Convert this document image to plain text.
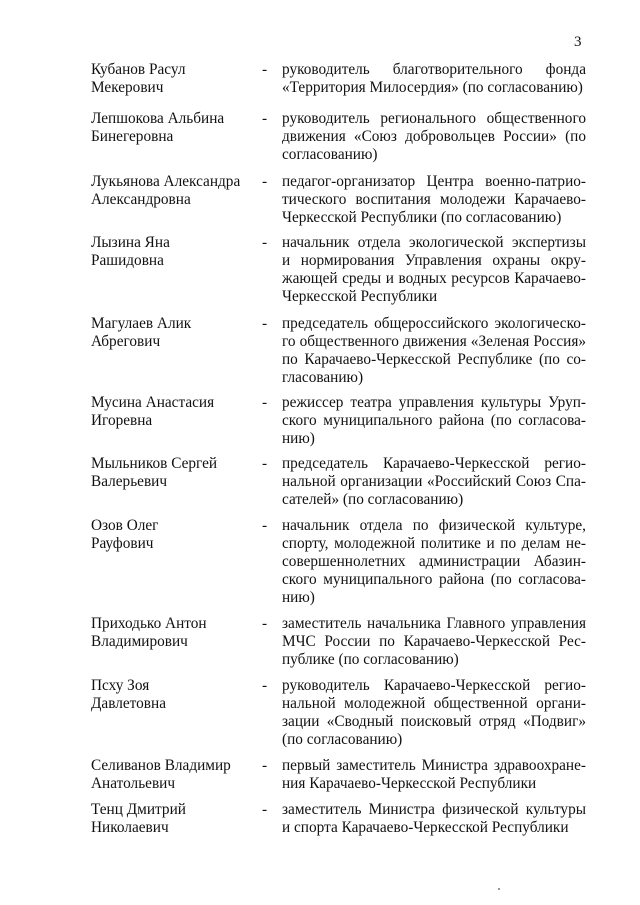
3
Кубанов Расул
Мекерович
- руководитель благотворительного фонда
«Территория Милосердия» (по согласованию)
Лепшокова Альбина
Бинегеровна
- руководитель регионального общественного
движения «Союз добровольцев России» (по
согласованию)
Лукьянова Александра
Александровна
- педагог-организатор Центра военно-патрио-
тического воспитания молодежи Карачаево-
Черкесской Республики (по согласованию)
Лызина Яна
Рашидовна
- начальник отдела экологической экспертизы
и нормирования Управления охраны окру-
жающей среды и водных ресурсов Карачаево-
Черкесской Республики
Магулаев Алик
Абрегович
- председатель общероссийского экологическо-
го общественного движения «Зеленая Россия»
по Карачаево-Черкесской Республике (по со-
гласованию)
Мусина Анастасия
Игоревна
- режиссер театра управления культуры Уруп-
ского муниципального района (по согласова-
нию)
Мыльников Сергей
Валерьевич
- председатель Карачаево-Черкесской регио-
нальной организации «Российский Союз Спа-
сателей» (по согласованию)
Озов Олег
Рауфович
- начальник отдела по физической культуре,
спорту, молодежной политике и по делам не-
совершеннолетних администрации Абазин-
ского муниципального района (по согласова-
нию)
Приходько Антон
Владимирович
- заместитель начальника Главного управления
МЧС России по Карачаево-Черкесской Рес-
публике (по согласованию)
Псху Зоя
Давлетовна
- руководитель Карачаево-Черкесской регио-
нальной молодежной общественной органи-
зации «Сводный поисковый отряд «Подвиг»
(по согласованию)
Селиванов Владимир
Анатольевич
- первый заместитель Министра здравоохране-
ния Карачаево-Черкесской Республики
Тенц Дмитрий
Николаевич
- заместитель Министра физической культуры
и спорта Карачаево-Черкесской Республики
